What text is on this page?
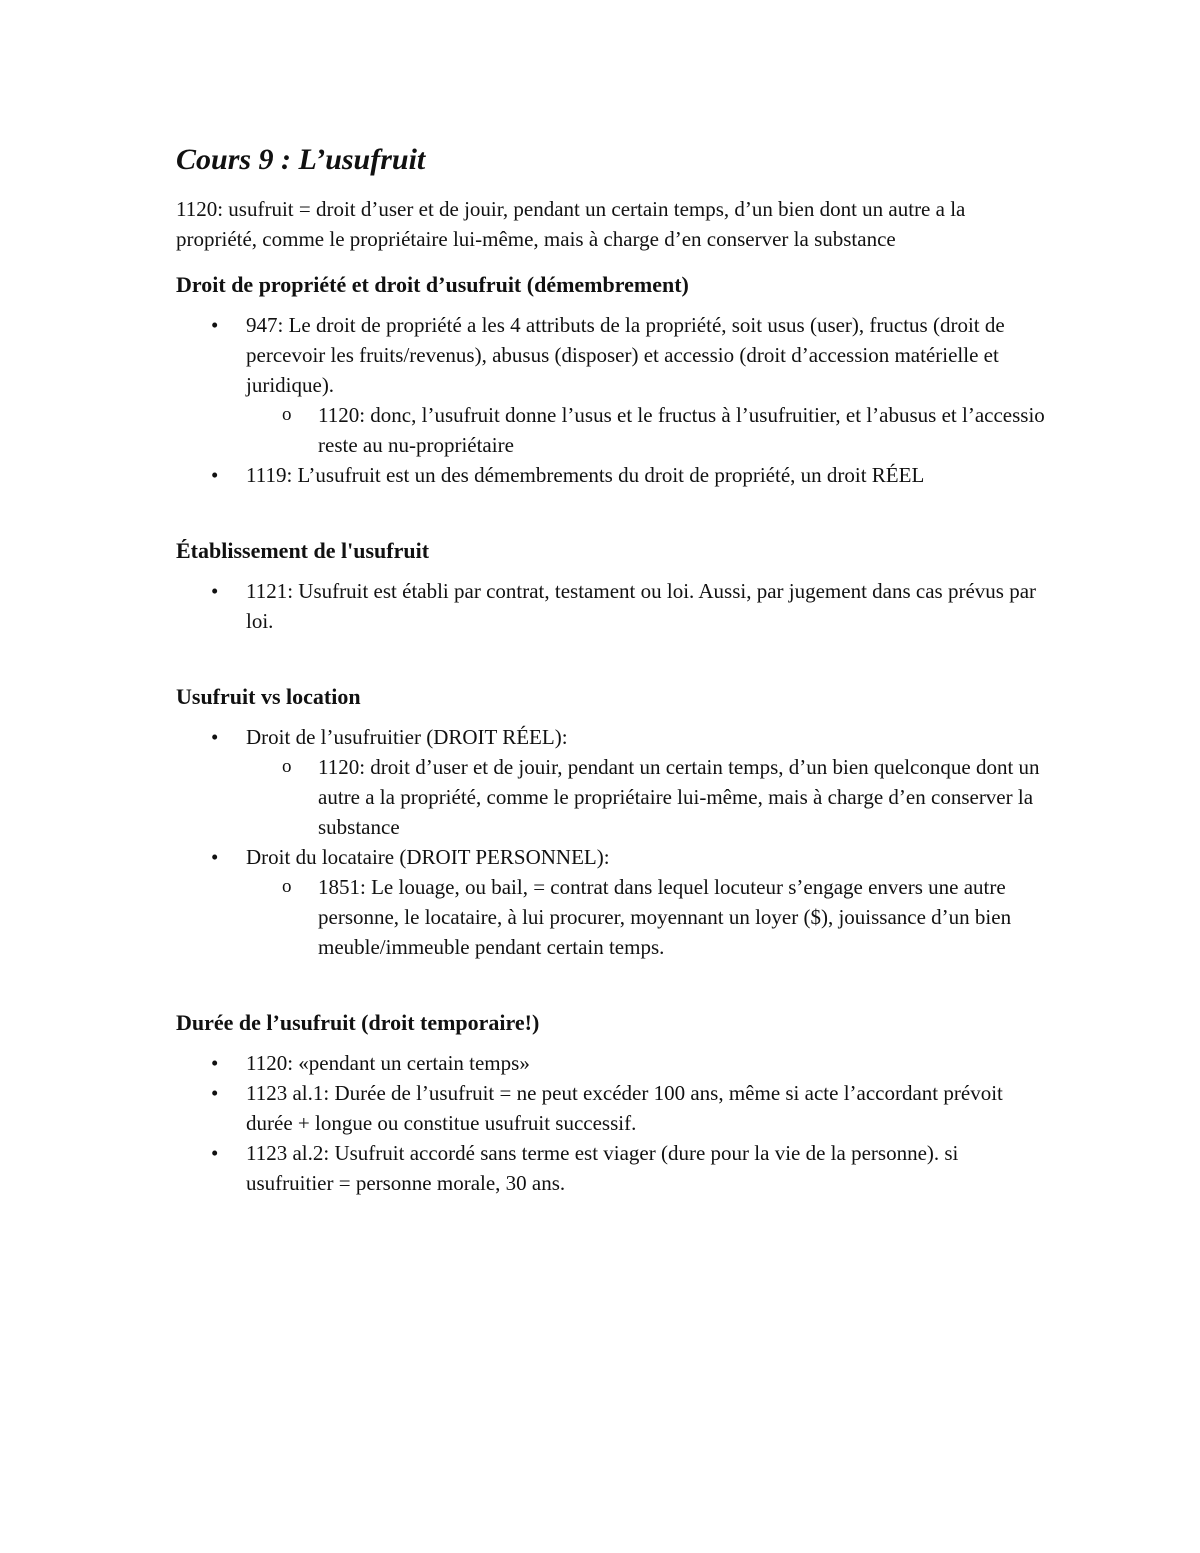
Cours 9 : L’usufruit

1120: usufruit = droit d’user et de jouir, pendant un certain temps, d’un bien dont un autre a la propriété, comme le propriétaire lui-même, mais à charge d’en conserver la substance

Droit de propriété et droit d’usufruit (démembrement)
•	947: Le droit de propriété a les 4 attributs de la propriété, soit usus (user), fructus (droit de percevoir les fruits/revenus), abusus (disposer) et accessio (droit d’accession matérielle et juridique).
o	1120: donc, l’usufruit donne l’usus et le fructus à l’usufruitier, et l’abusus et l’accessio reste au nu-propriétaire
•	1119: L’usufruit est un des démembrements du droit de propriété, un droit RÉEL
Établissement de l'usufruit
•	1121: Usufruit est établi par contrat, testament ou loi. Aussi, par jugement dans cas prévus par loi.
Usufruit vs location
•	Droit de l’usufruitier (DROIT RÉEL):
o	1120: droit d’user et de jouir, pendant un certain temps, d’un bien quelconque dont un autre a la propriété, comme le propriétaire lui-même, mais à charge d’en conserver la substance
•	Droit du locataire (DROIT PERSONNEL):
o	1851: Le louage, ou bail, = contrat dans lequel locuteur s’engage envers une autre personne, le locataire, à lui procurer, moyennant un loyer ($), jouissance d’un bien meuble/immeuble pendant certain temps.
Durée de l’usufruit (droit temporaire!)
•	1120: «pendant un certain temps»
•	1123 al.1: Durée de l’usufruit = ne peut excéder 100 ans, même si acte l’accordant prévoit durée + longue ou constitue usufruit successif.
•	1123 al.2: Usufruit accordé sans terme est viager (dure pour la vie de la personne). si usufruitier = personne morale, 30 ans.
